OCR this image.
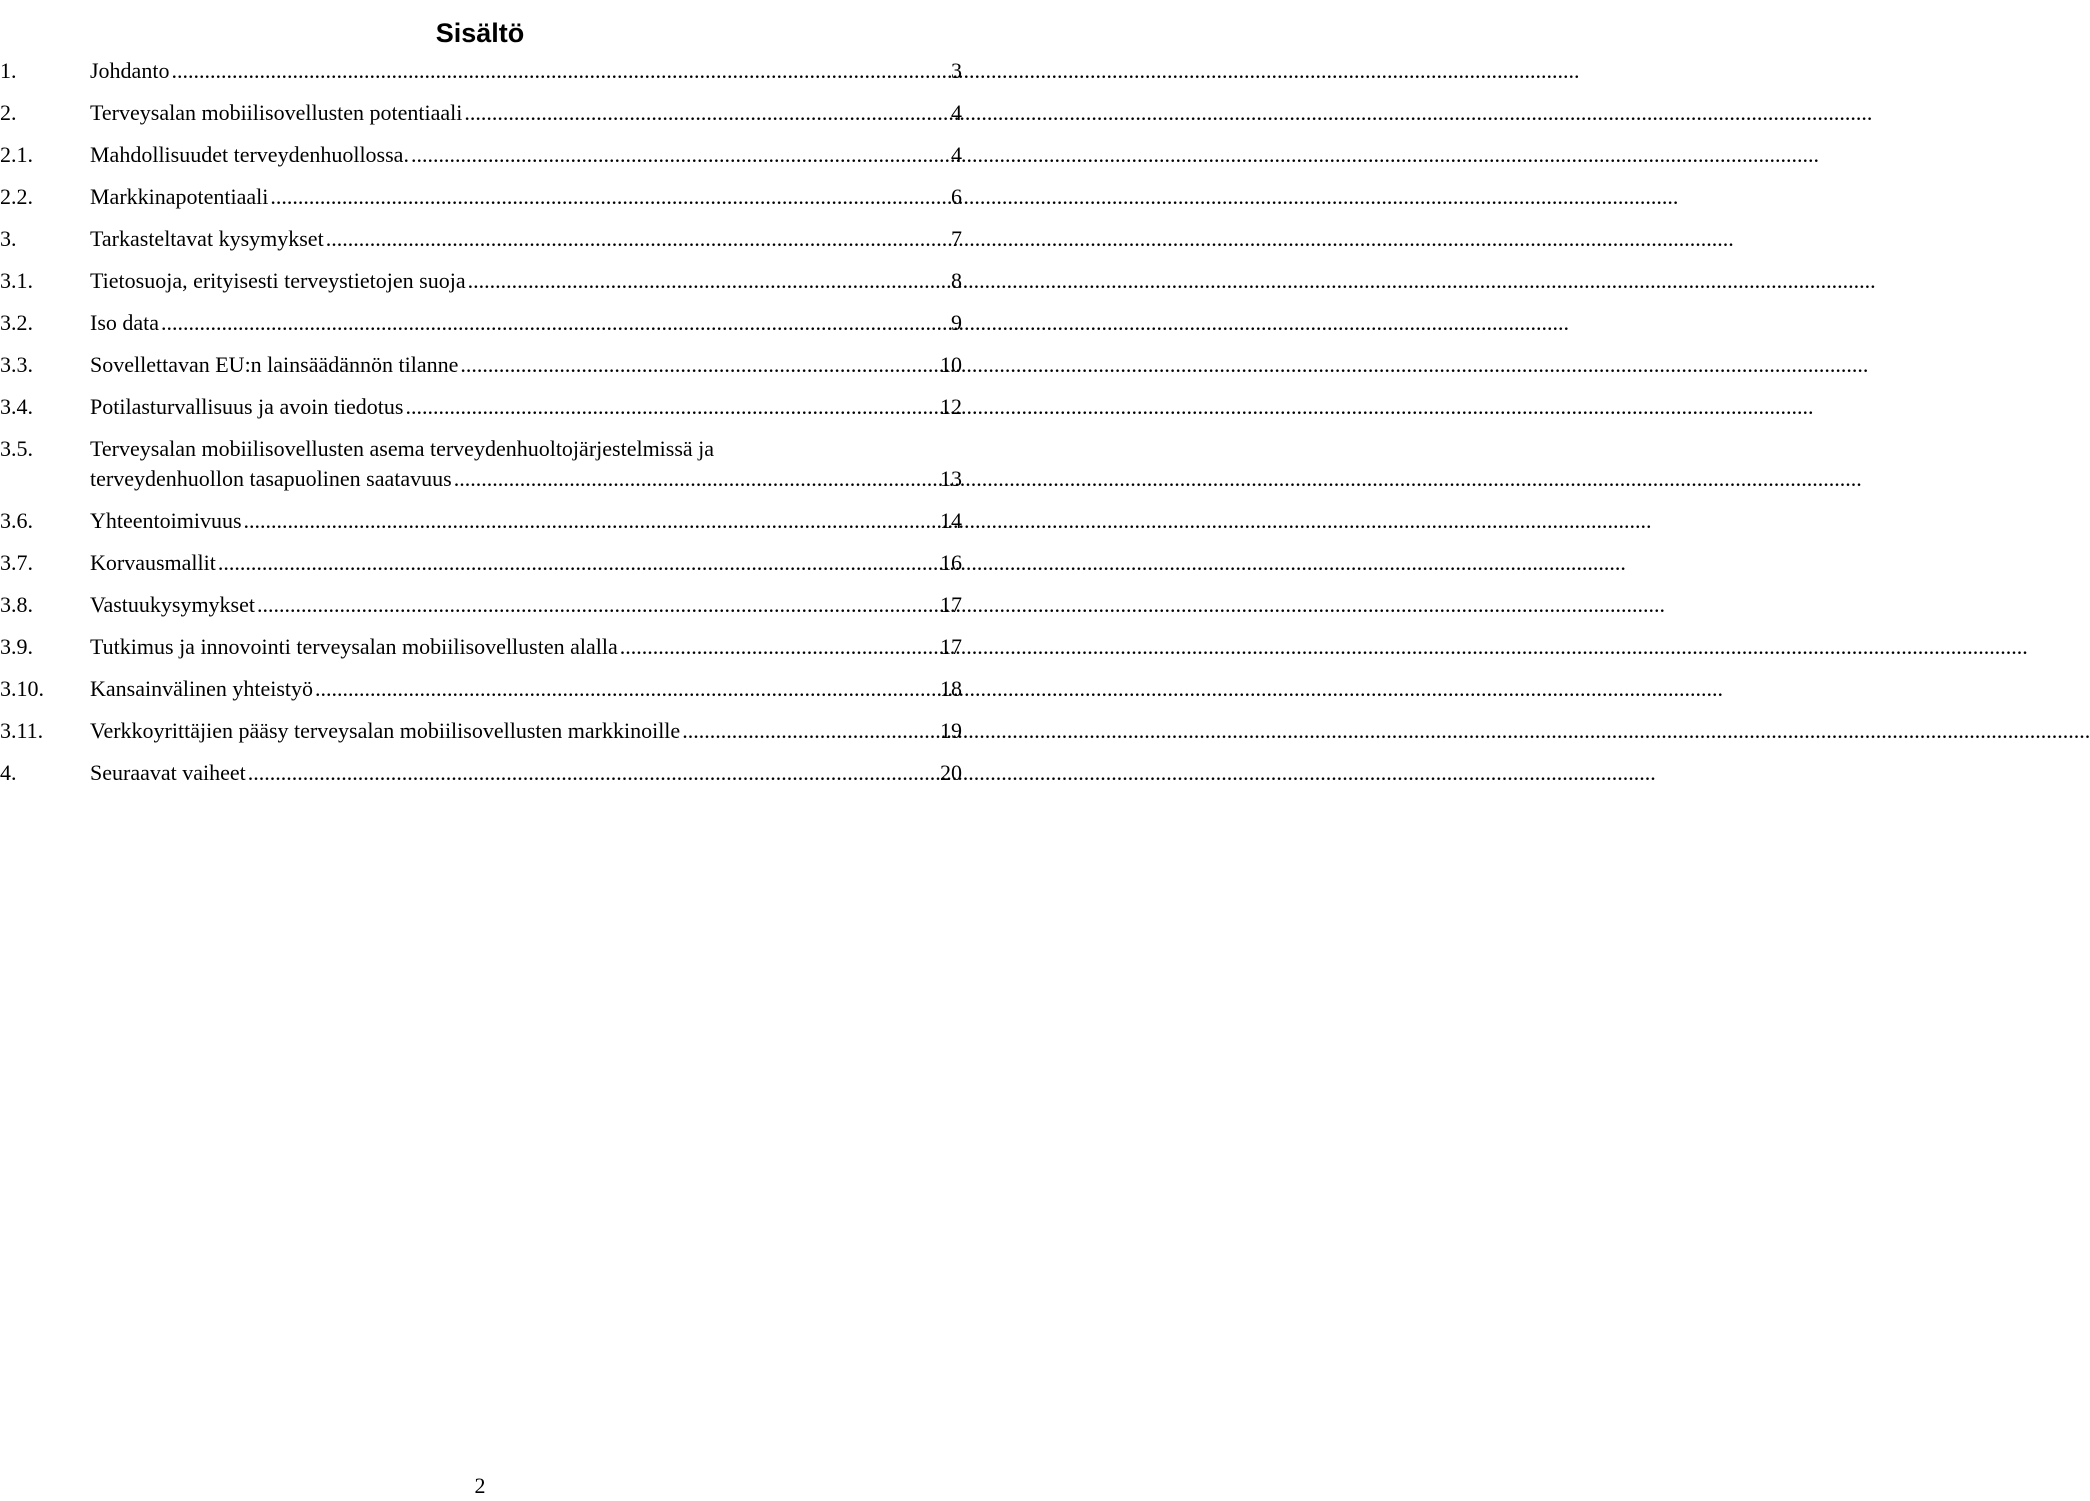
Sisältö
1.	Johdanto .....	3
2.	Terveysalan mobiilisovellusten potentiaali .....	4
2.1.	Mahdollisuudet terveydenhuollossa. .....	4
2.2.	Markkinapotentiaali .....	6
3.	Tarkasteltavat kysymykset .....	7
3.1.	Tietosuoja, erityisesti terveystietojen suoja .....	8
3.2.	Iso data .....	9
3.3.	Sovellettavan EU:n lainsäädännön tilanne .....	10
3.4.	Potilasturvallisuus ja avoin tiedotus .....	12
3.5.	Terveysalan mobiilisovellusten asema terveydenhuoltojärjestelmissä ja
terveydenhuollon tasapuolinen saatavuus .....	13
3.6.	Yhteentoimivuus .....	14
3.7.	Korvausmallit .....	16
3.8.	Vastuukysymykset .....	17
3.9.	Tutkimus ja innovointi terveysalan mobiilisovellusten alalla .....	17
3.10.	Kansainvälinen yhteistyö .....	18
3.11.	Verkkoyrittäjien pääsy terveysalan mobiilisovellusten markkinoille .....	19
4.	Seuraavat vaiheet .....	20
2
